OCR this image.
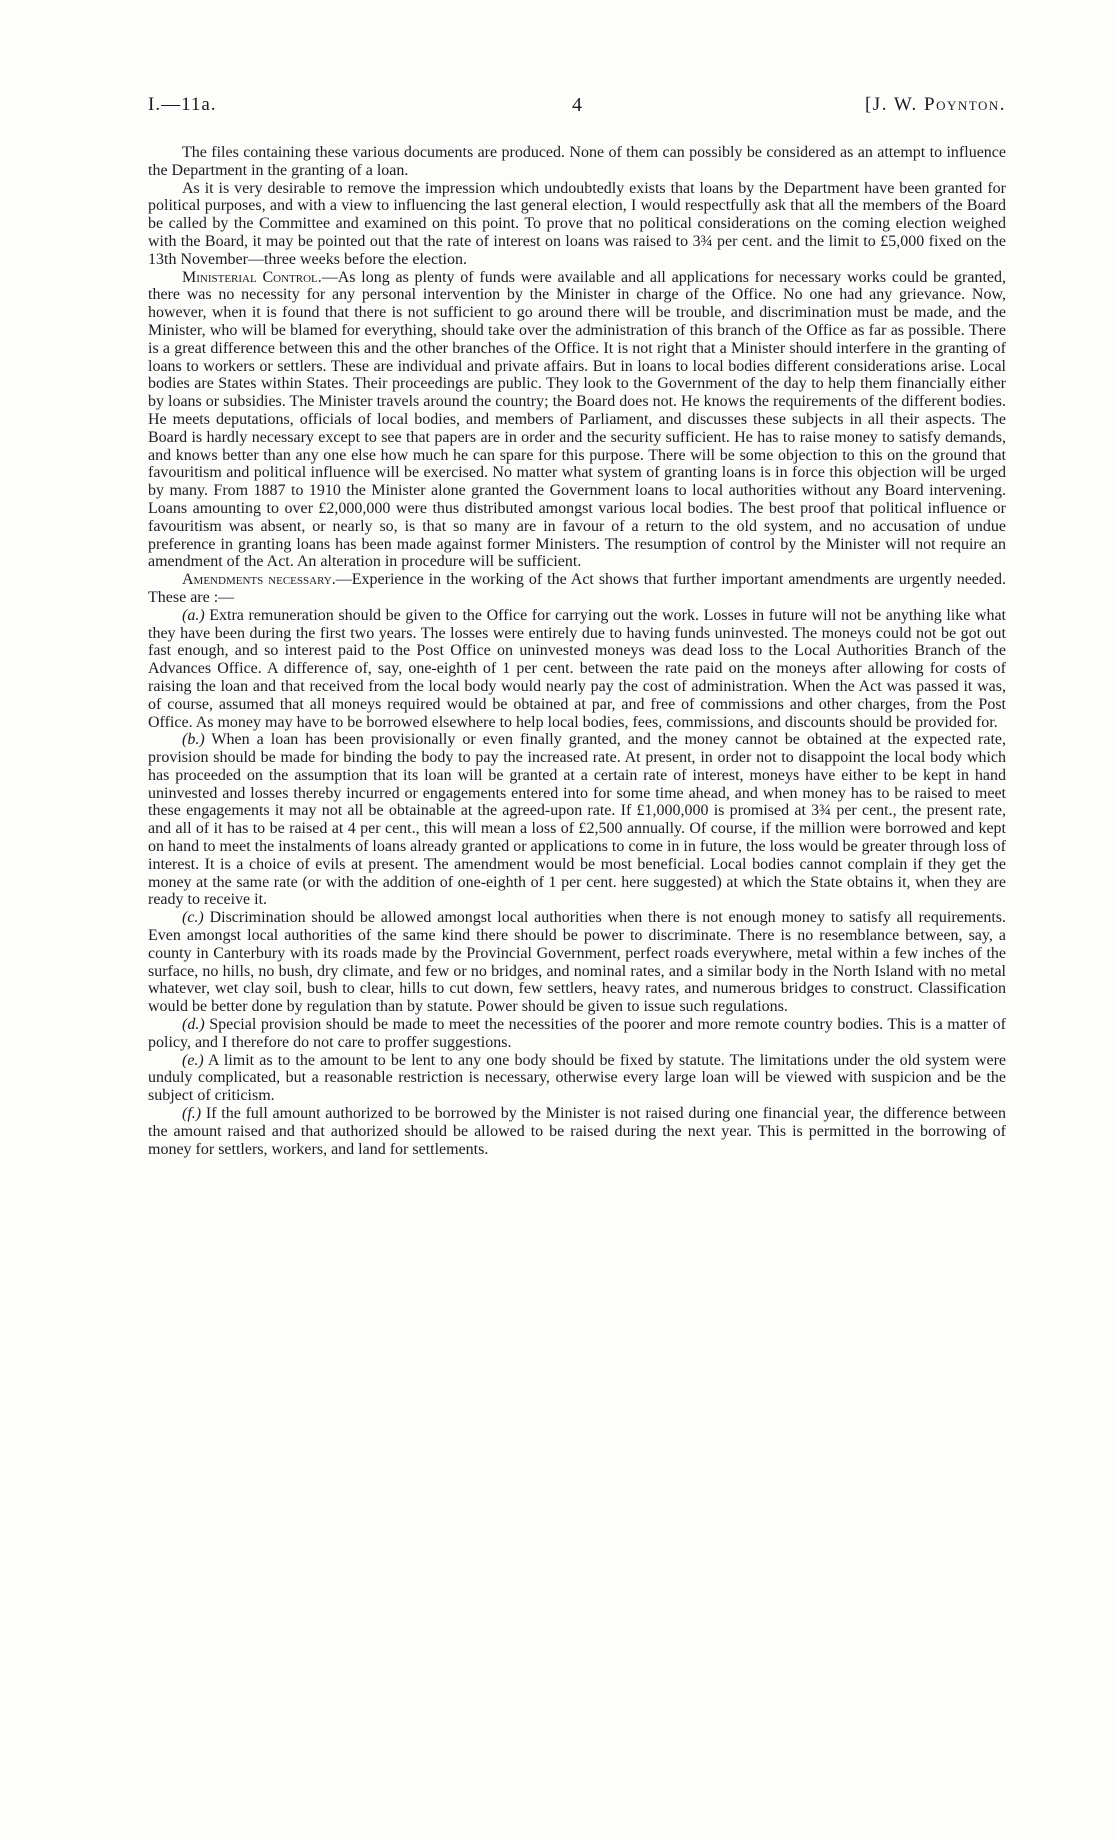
I.—11a.	4	[J. W. Poynton.

The files containing these various documents are produced. None of them can possibly be considered as an attempt to influence the Department in the granting of a loan.

As it is very desirable to remove the impression which undoubtedly exists that loans by the Department have been granted for political purposes, and with a view to influencing the last general election, I would respectfully ask that all the members of the Board be called by the Committee and examined on this point. To prove that no political considerations on the coming election weighed with the Board, it may be pointed out that the rate of interest on loans was raised to 3¾ per cent. and the limit to £5,000 fixed on the 13th November—three weeks before the election.

Ministerial Control.—As long as plenty of funds were available and all applications for necessary works could be granted, there was no necessity for any personal intervention by the Minister in charge of the Office. No one had any grievance. Now, however, when it is found that there is not sufficient to go around there will be trouble, and discrimination must be made, and the Minister, who will be blamed for everything, should take over the administration of this branch of the Office as far as possible. There is a great difference between this and the other branches of the Office. It is not right that a Minister should interfere in the granting of loans to workers or settlers. These are individual and private affairs. But in loans to local bodies different considerations arise. Local bodies are States within States. Their proceedings are public. They look to the Government of the day to help them financially either by loans or subsidies. The Minister travels around the country; the Board does not. He knows the requirements of the different bodies. He meets deputations, officials of local bodies, and members of Parliament, and discusses these subjects in all their aspects. The Board is hardly necessary except to see that papers are in order and the security sufficient. He has to raise money to satisfy demands, and knows better than any one else how much he can spare for this purpose. There will be some objection to this on the ground that favouritism and political influence will be exercised. No matter what system of granting loans is in force this objection will be urged by many. From 1887 to 1910 the Minister alone granted the Government loans to local authorities without any Board intervening. Loans amounting to over £2,000,000 were thus distributed amongst various local bodies. The best proof that political influence or favouritism was absent, or nearly so, is that so many are in favour of a return to the old system, and no accusation of undue preference in granting loans has been made against former Ministers. The resumption of control by the Minister will not require an amendment of the Act. An alteration in procedure will be sufficient.

Amendments necessary.—Experience in the working of the Act shows that further important amendments are urgently needed. These are :—

(a.) Extra remuneration should be given to the Office for carrying out the work. Losses in future will not be anything like what they have been during the first two years. The losses were entirely due to having funds uninvested. The moneys could not be got out fast enough, and so interest paid to the Post Office on uninvested moneys was dead loss to the Local Authorities Branch of the Advances Office. A difference of, say, one-eighth of 1 per cent. between the rate paid on the moneys after allowing for costs of raising the loan and that received from the local body would nearly pay the cost of administration. When the Act was passed it was, of course, assumed that all moneys required would be obtained at par, and free of commissions and other charges, from the Post Office. As money may have to be borrowed elsewhere to help local bodies, fees, commissions, and discounts should be provided for.

(b.) When a loan has been provisionally or even finally granted, and the money cannot be obtained at the expected rate, provision should be made for binding the body to pay the increased rate. At present, in order not to disappoint the local body which has proceeded on the assumption that its loan will be granted at a certain rate of interest, moneys have either to be kept in hand uninvested and losses thereby incurred or engagements entered into for some time ahead, and when money has to be raised to meet these engagements it may not all be obtainable at the agreed-upon rate. If £1,000,000 is promised at 3¾ per cent., the present rate, and all of it has to be raised at 4 per cent., this will mean a loss of £2,500 annually. Of course, if the million were borrowed and kept on hand to meet the instalments of loans already granted or applications to come in in future, the loss would be greater through loss of interest. It is a choice of evils at present. The amendment would be most beneficial. Local bodies cannot complain if they get the money at the same rate (or with the addition of one-eighth of 1 per cent. here suggested) at which the State obtains it, when they are ready to receive it.

(c.) Discrimination should be allowed amongst local authorities when there is not enough money to satisfy all requirements. Even amongst local authorities of the same kind there should be power to discriminate. There is no resemblance between, say, a county in Canterbury with its roads made by the Provincial Government, perfect roads everywhere, metal within a few inches of the surface, no hills, no bush, dry climate, and few or no bridges, and nominal rates, and a similar body in the North Island with no metal whatever, wet clay soil, bush to clear, hills to cut down, few settlers, heavy rates, and numerous bridges to construct. Classification would be better done by regulation than by statute. Power should be given to issue such regulations.

(d.) Special provision should be made to meet the necessities of the poorer and more remote country bodies. This is a matter of policy, and I therefore do not care to proffer suggestions.

(e.) A limit as to the amount to be lent to any one body should be fixed by statute. The limitations under the old system were unduly complicated, but a reasonable restriction is necessary, otherwise every large loan will be viewed with suspicion and be the subject of criticism.

(f.) If the full amount authorized to be borrowed by the Minister is not raised during one financial year, the difference between the amount raised and that authorized should be allowed to be raised during the next year. This is permitted in the borrowing of money for settlers, workers, and land for settlements.
